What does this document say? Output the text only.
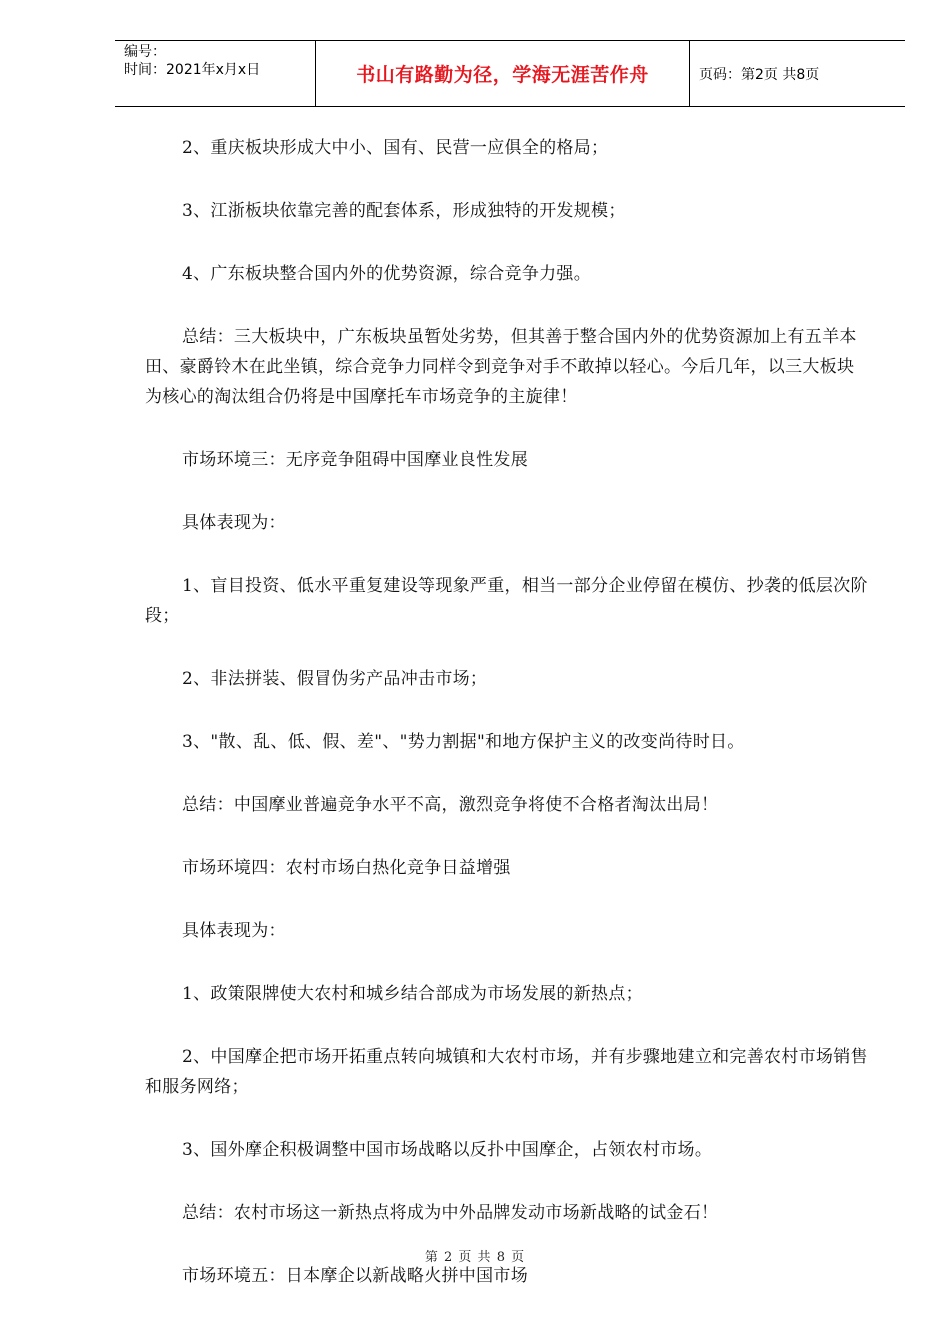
编号：
时间：2021年x月x日	书山有路勤为径，学海无涯苦作舟	页码：第2页 共8页

2、重庆板块形成大中小、国有、民营一应俱全的格局；

3、江浙板块依靠完善的配套体系，形成独特的开发规模；

4、广东板块整合国内外的优势资源，综合竞争力强。

总结：三大板块中，广东板块虽暂处劣势，但其善于整合国内外的优势资源加上有五羊本田、豪爵铃木在此坐镇，综合竞争力同样令到竞争对手不敢掉以轻心。今后几年，以三大板块为核心的淘汰组合仍将是中国摩托车市场竞争的主旋律！

市场环境三：无序竞争阻碍中国摩业良性发展

具体表现为：

1、盲目投资、低水平重复建设等现象严重，相当一部分企业停留在模仿、抄袭的低层次阶段；

2、非法拼装、假冒伪劣产品冲击市场；

3、"散、乱、低、假、差"、"势力割据"和地方保护主义的改变尚待时日。

总结：中国摩业普遍竞争水平不高，激烈竞争将使不合格者淘汰出局！

市场环境四：农村市场白热化竞争日益增强

具体表现为：

1、政策限牌使大农村和城乡结合部成为市场发展的新热点；

2、中国摩企把市场开拓重点转向城镇和大农村市场，并有步骤地建立和完善农村市场销售和服务网络；

3、国外摩企积极调整中国市场战略以反扑中国摩企，占领农村市场。

总结：农村市场这一新热点将成为中外品牌发动市场新战略的试金石！

市场环境五：日本摩企以新战略火拼中国市场

第 2 页 共 8 页
